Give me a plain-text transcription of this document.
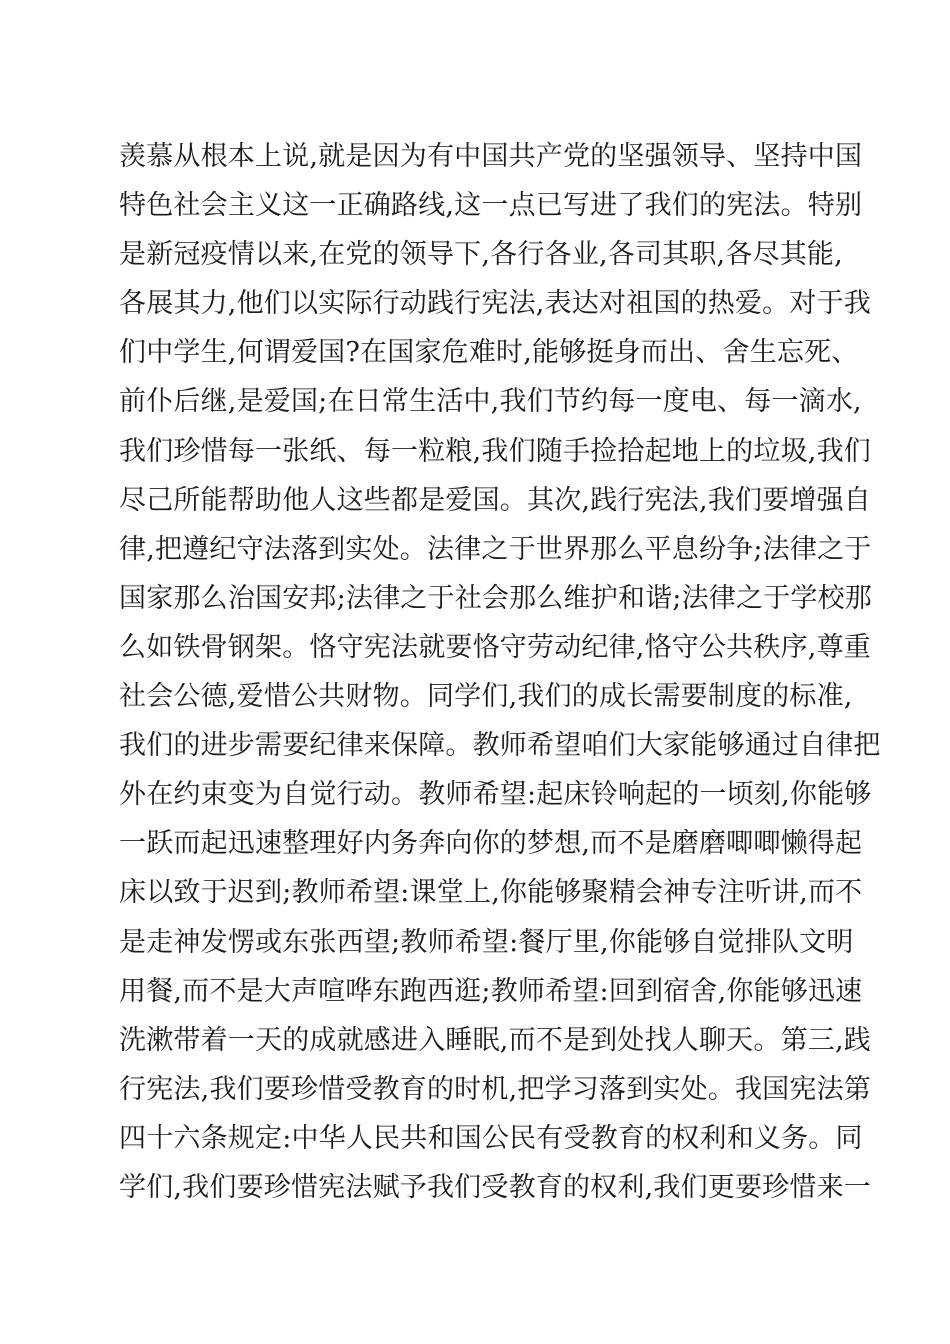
羡慕从根本上说,就是因为有中国共产党的坚强领导、坚持中国
特色社会主义这一正确路线,这一点已写进了我们的宪法。特别
是新冠疫情以来,在党的领导下,各行各业,各司其职,各尽其能,
各展其力,他们以实际行动践行宪法,表达对祖国的热爱。对于我
们中学生,何谓爱国?在国家危难时,能够挺身而出、舍生忘死、
前仆后继,是爱国;在日常生活中,我们节约每一度电、每一滴水,
我们珍惜每一张纸、每一粒粮,我们随手捡拾起地上的垃圾,我们
尽己所能帮助他人这些都是爱国。其次,践行宪法,我们要增强自
律,把遵纪守法落到实处。法律之于世界那么平息纷争;法律之于
国家那么治国安邦;法律之于社会那么维护和谐;法律之于学校那
么如铁骨钢架。恪守宪法就要恪守劳动纪律,恪守公共秩序,尊重
社会公德,爱惜公共财物。同学们,我们的成长需要制度的标准,
我们的进步需要纪律来保障。教师希望咱们大家能够通过自律把
外在约束变为自觉行动。教师希望:起床铃响起的一顷刻,你能够
一跃而起迅速整理好内务奔向你的梦想,而不是磨磨唧唧懒得起
床以致于迟到;教师希望:课堂上,你能够聚精会神专注听讲,而不
是走神发愣或东张西望;教师希望:餐厅里,你能够自觉排队文明
用餐,而不是大声喧哗东跑西逛;教师希望:回到宿舍,你能够迅速
洗漱带着一天的成就感进入睡眠,而不是到处找人聊天。第三,践
行宪法,我们要珍惜受教育的时机,把学习落到实处。我国宪法第
四十六条规定:中华人民共和国公民有受教育的权利和义务。同
学们,我们要珍惜宪法赋予我们受教育的权利,我们更要珍惜来一
